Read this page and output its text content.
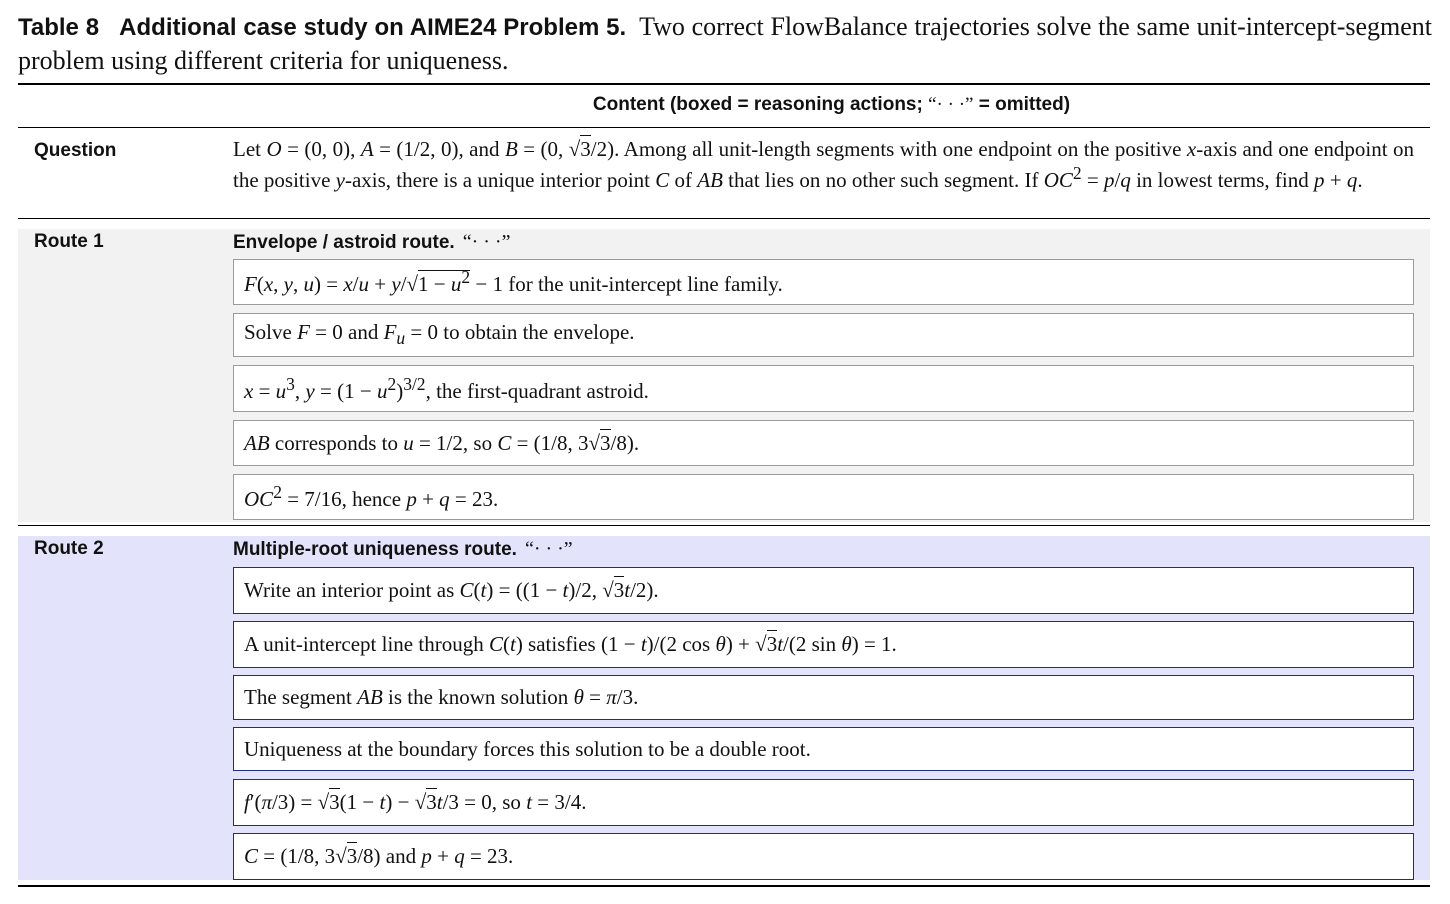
Table 8 Additional case study on AIME24 Problem 5. Two correct FlowBalance trajectories solve the same unit-intercept-segment problem using different criteria for uniqueness.
Content (boxed = reasoning actions; “· · ·” = omitted)
Question	Let O = (0, 0), A = (1/2, 0), and B = (0, √3/2). Among all unit-length segments with one endpoint on the positive x-axis and one endpoint on the positive y-axis, there is a unique interior point C of AB that lies on no other such segment. If $OC^2 = p/q$ in lowest terms, find p + q.
Route 1	Envelope / astroid route. “· · ·”
F(x, y, $u) = x/u + y/√1 - u^2 - 1$ for the unit-intercept line family.
Solve F = 0 and $F_u = 0$ to obtain the envelope.
$x = u^3$, $y = (1 - u^2)^{3/2}$, the first-quadrant astroid.
AB corresponds to u = 1/2, so C = (1/8, 3√3/8).
$OC^2 = 7/16$, hence p + q = 23.
Route 2	Multiple-root uniqueness route. “· · ·”
Write an interior point as C(t) = ((1 − t)/2, √3t/2).
A unit-intercept line through C(t) satisfies (1 − t)/(2 cos θ) + √3t/(2 sin θ) = 1.
The segment AB is the known solution θ = π/3.
Uniqueness at the boundary forces this solution to be a double root.
f′(π/3) = √3(1 − t) − √3t/3 = 0, so t = 3/4.
C = (1/8, 3√3/8) and p + q = 23.
